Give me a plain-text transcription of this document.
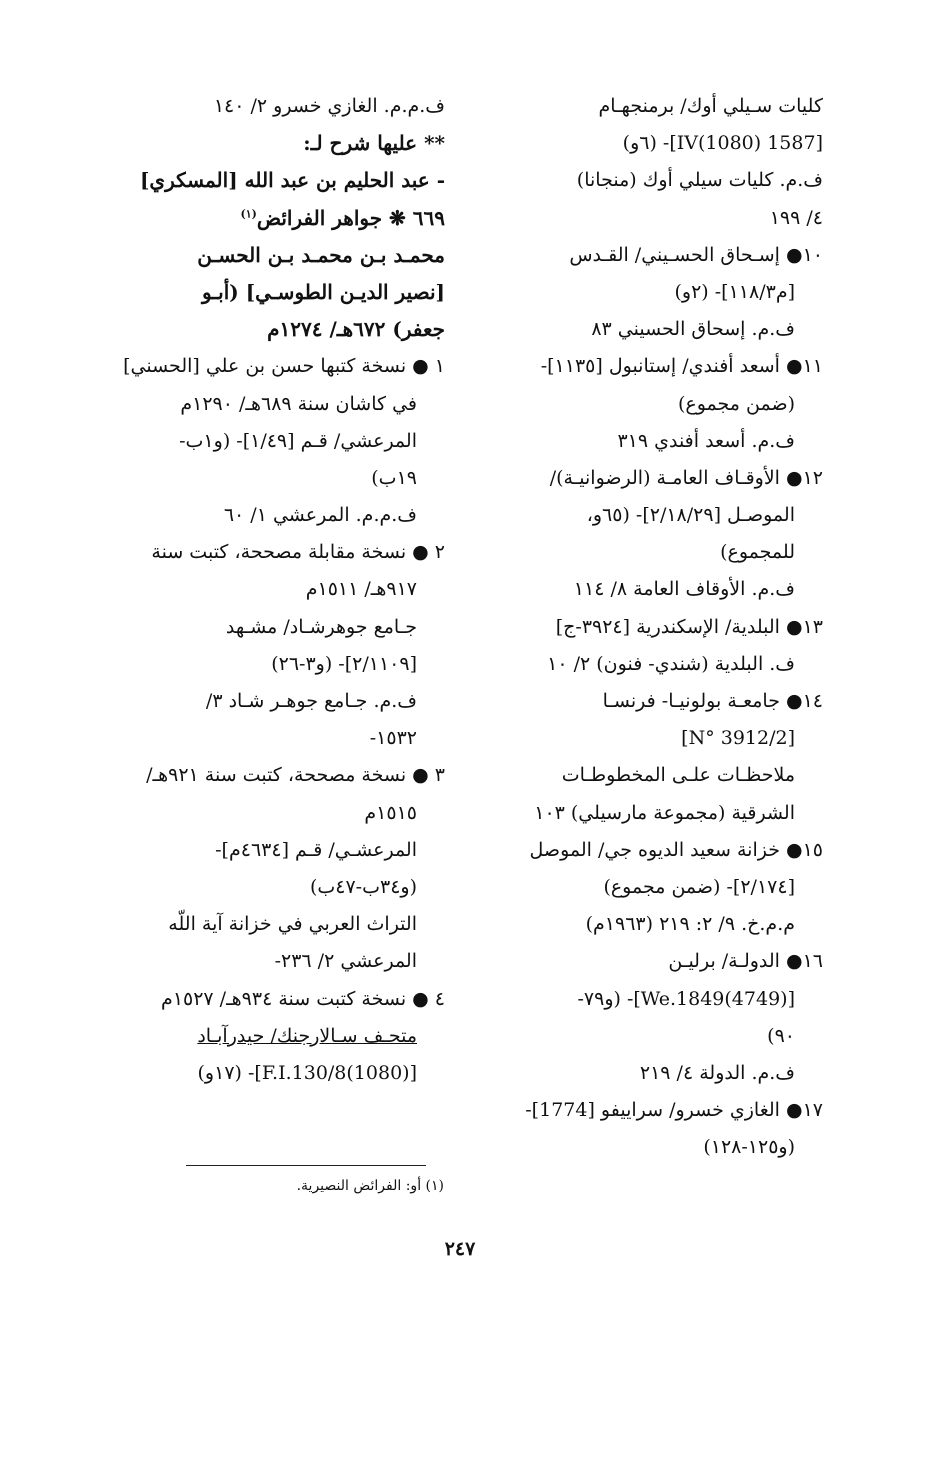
كليات سـيلي أوك/ برمنجهـام
[1587 IV(1080)]- (٦و)
ف.م. كليات سيلي أوك (منجانا)
٤/ ١٩٩
١٠● إسـحاق الحسـيني/ القـدس
[م١١٨/٣]- (٢و)
ف.م. إسحاق الحسيني ٨٣
١١● أسعد أفندي/ إستانبول [١١٣٥]-
(ضمن مجموع)
ف.م. أسعد أفندي ٣١٩
١٢● الأوقـاف العامـة (الرضوانيـة)/
الموصـل [٢/١٨/٢٩]- (٦٥و،
للمجموع)
ف.م. الأوقاف العامة ٨/ ١١٤
١٣● البلدية/ الإسكندرية [٣٩٢٤-ج]
ف. البلدية (شندي- فنون) ٢/ ١٠
١٤● جامعـة بولونيـا- فرنسـا
[N° 3912/2]
ملاحظـات علـى المخطوطـات
الشرقية (مجموعة مارسيلي) ١٠٣
١٥● خزانة سعيد الديوه جي/ الموصل
[٢/١٧٤]- (ضمن مجموع)
م.م.خ. ٩/ ٢: ٢١٩ (١٩٦٣م)
١٦● الدولـة/ برليـن
[We.1849(4749)]- (و٧٩-
٩٠)
ف.م. الدولة ٤/ ٢١٩
١٧● الغازي خسرو/ سراييفو [1774]-
(و١٢٥-١٢٨)
ف.م.م. الغازي خسرو ٢/ ١٤٠
** عليها شرح لـ:
- عبد الحليم بن عبد الله [المسكري]
٦٦٩ ❋ جواهر الفرائض$^{(١)}$
محمـد بـن محمـد بـن الحسـن
[نصير الديـن الطوسـي] (أبـو
جعفر) ٦٧٢هـ/ ١٢٧٤م
١ ● نسخة كتبها حسن بن علي [الحسني]
في كاشان سنة ٦٨٩هـ/ ١٢٩٠م
المرعشي/ قـم [١/٤٩]- (و١ب-
١٩ب)
ف.م.م. المرعشي ١/ ٦٠
٢ ● نسخة مقابلة مصححة، كتبت سنة
٩١٧هـ/ ١٥١١م
جـامع جوهرشـاد/ مشـهد
[٢/١١٠٩]- (و٣-٢٦)
ف.م. جـامع جوهـر شـاد ٣/
١٥٣٢-
٣ ● نسخة مصححة، كتبت سنة ٩٢١هـ/
١٥١٥م
المرعشـي/ قـم [٤٦٣٤م]-
(و٣٤ب-٤٧ب)
التراث العربي في خزانة آية اللّه
المرعشي ٢/ ٢٣٦-
٤ ● نسخة كتبت سنة ٩٣٤هـ/ ١٥٢٧م
متحـف سـالارجنك/ حيدرآبـاد
[F.I.130/8(1080)]- (١٧و)
(١) أو: الفرائض النصيرية.
٢٤٧
